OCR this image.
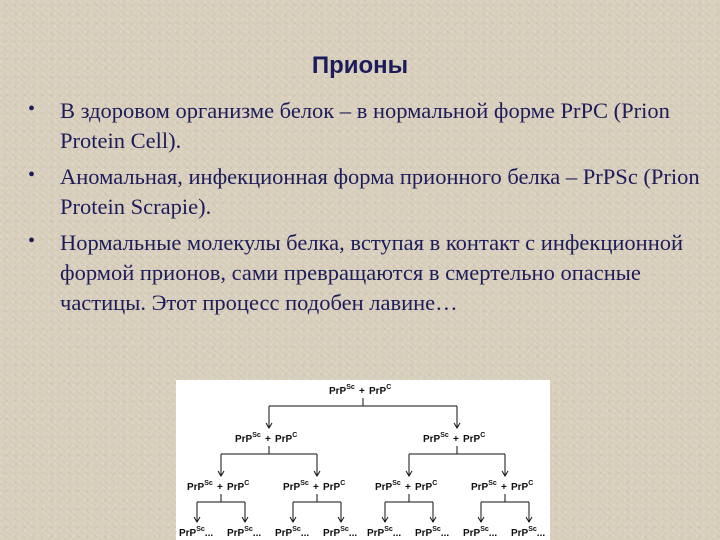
Прионы
• В здоровом организме белок – в нормальной форме PrPC (Prion Protein Cell).
• Аномальная, инфекционная форма прионного белка – PrPSc (Prion Protein Scrapie).
• Нормальные молекулы белка, вступая в контакт с инфекционной формой прионов, сами превращаются в смертельно опасные частицы. Этот процесс подобен лавине…
PrP$^{Sc}$ + PrP$^C$
PrP$^{Sc}$ + PrP$^C$	PrP$^{Sc}$ + PrP$^C$
PrP$^{Sc}$ + PrP$^C$	PrP$^{Sc}$ + PrP$^C$	PrP$^{Sc}$ + PrP$^C$	PrP$^{Sc}$ + PrP$^C$
PrP$^{Sc}$... PrP$^{Sc}$... PrP$^{Sc}$... PrP$^{Sc}$... PrP$^{Sc}$... PrP$^{Sc}$... PrP$^{Sc}$... PrP$^{Sc}$...
